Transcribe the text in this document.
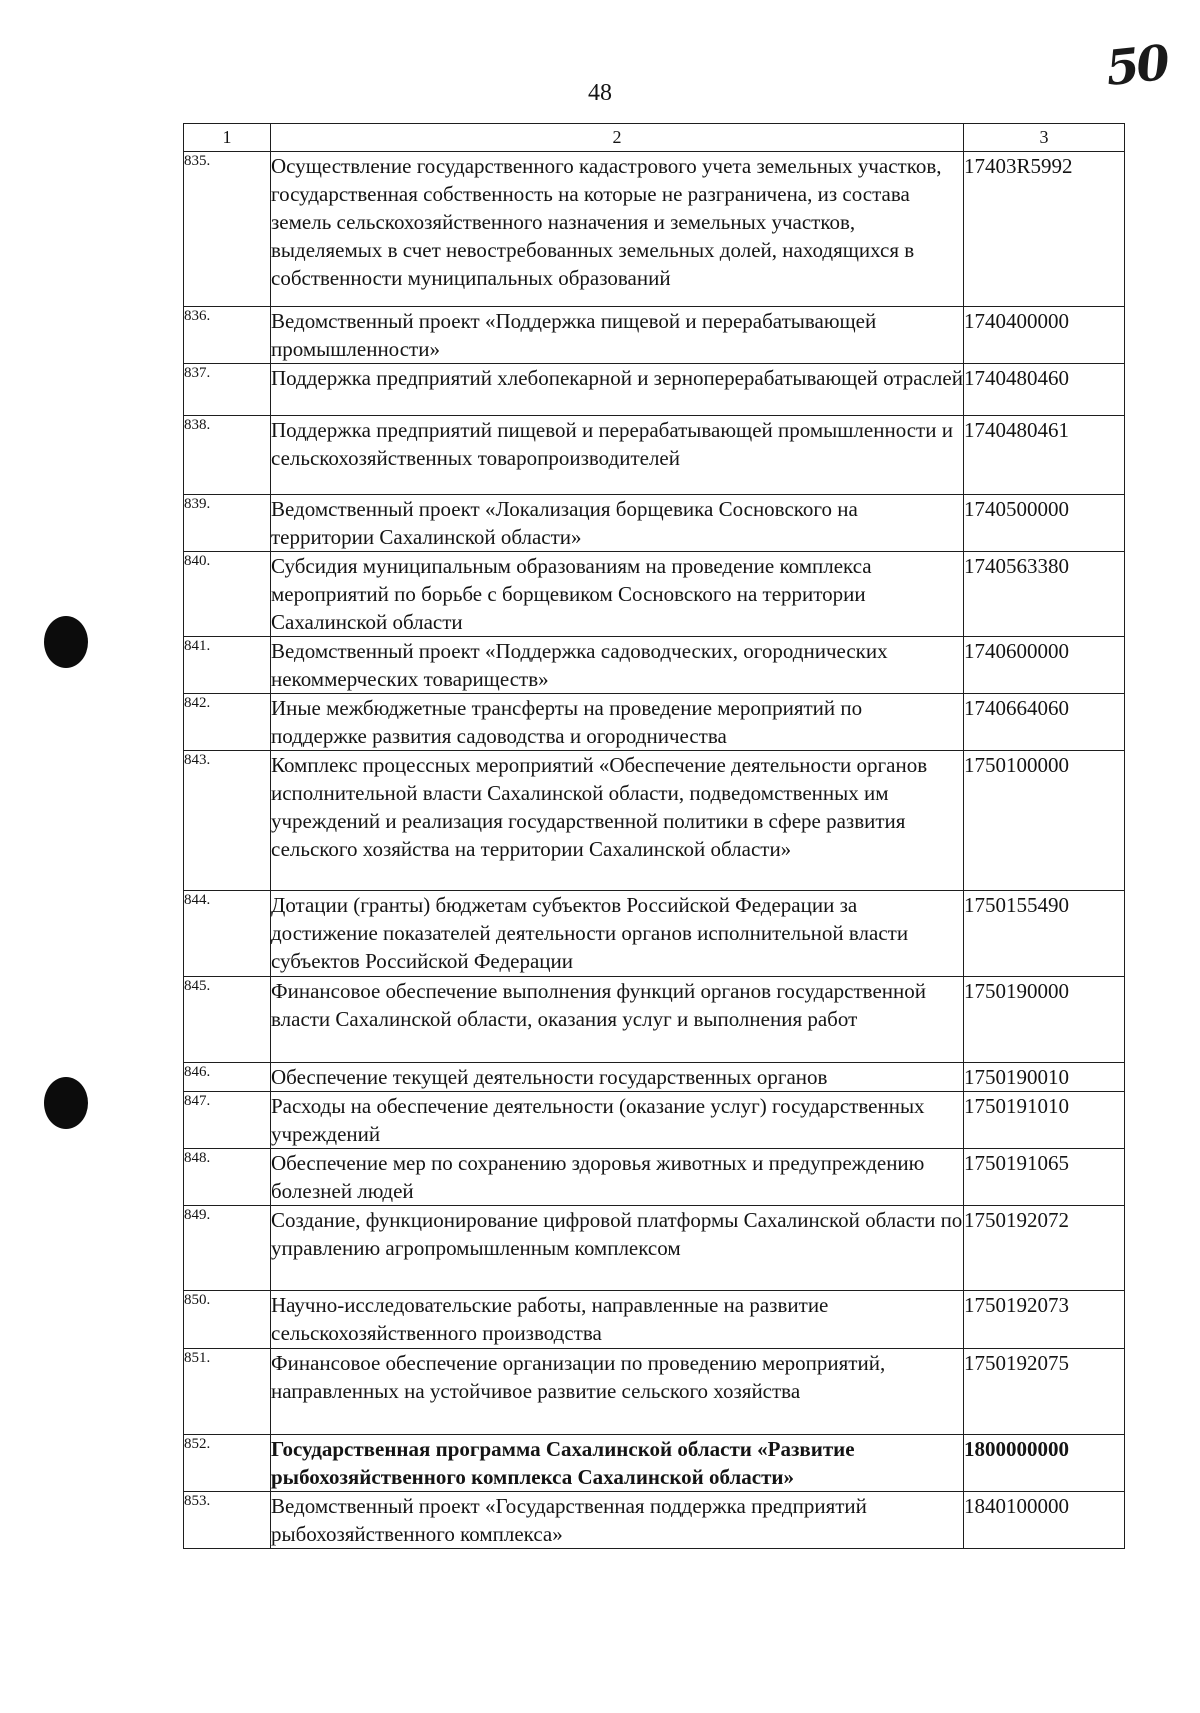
48	50
1	2	3
835.	Осуществление государственного кадастрового учета земельных участков, государственная собственность на которые не разграничена, из состава земель сельскохозяйственного назначения и земельных участков, выделяемых в счет невостребованных земельных долей, находящихся в собственности муниципальных образований	17403R5992
836.	Ведомственный проект «Поддержка пищевой и перерабатывающей промышленности»	1740400000
837.	Поддержка предприятий хлебопекарной и зерноперерабатывающей отраслей	1740480460
838.	Поддержка предприятий пищевой и перерабатывающей промышленности и сельскохозяйственных товаропроизводителей	1740480461
839.	Ведомственный проект «Локализация борщевика Сосновского на территории Сахалинской области»	1740500000
840.	Субсидия муниципальным образованиям на проведение комплекса мероприятий по борьбе с борщевиком Сосновского на территории Сахалинской области	1740563380
841.	Ведомственный проект «Поддержка садоводческих, огороднических некоммерческих товариществ»	1740600000
842.	Иные межбюджетные трансферты на проведение мероприятий по поддержке развития садоводства и огородничества	1740664060
843.	Комплекс процессных мероприятий «Обеспечение деятельности органов исполнительной власти Сахалинской области, подведомственных им учреждений и реализация государственной политики в сфере развития сельского хозяйства на территории Сахалинской области»	1750100000
844.	Дотации (гранты) бюджетам субъектов Российской Федерации за достижение показателей деятельности органов исполнительной власти субъектов Российской Федерации	1750155490
845.	Финансовое обеспечение выполнения функций органов государственной власти Сахалинской области, оказания услуг и выполнения работ	1750190000
846.	Обеспечение текущей деятельности государственных органов	1750190010
847.	Расходы на обеспечение деятельности (оказание услуг) государственных учреждений	1750191010
848.	Обеспечение мер по сохранению здоровья животных и предупреждению болезней людей	1750191065
849.	Создание, функционирование цифровой платформы Сахалинской области по управлению агропромышленным комплексом	1750192072
850.	Научно-исследовательские работы, направленные на развитие сельскохозяйственного производства	1750192073
851.	Финансовое обеспечение организации по проведению мероприятий, направленных на устойчивое развитие сельского хозяйства	1750192075
852.	Государственная программа Сахалинской области «Развитие рыбохозяйственного комплекса Сахалинской области»	1800000000
853.	Ведомственный проект «Государственная поддержка предприятий рыбохозяйственного комплекса»	1840100000
